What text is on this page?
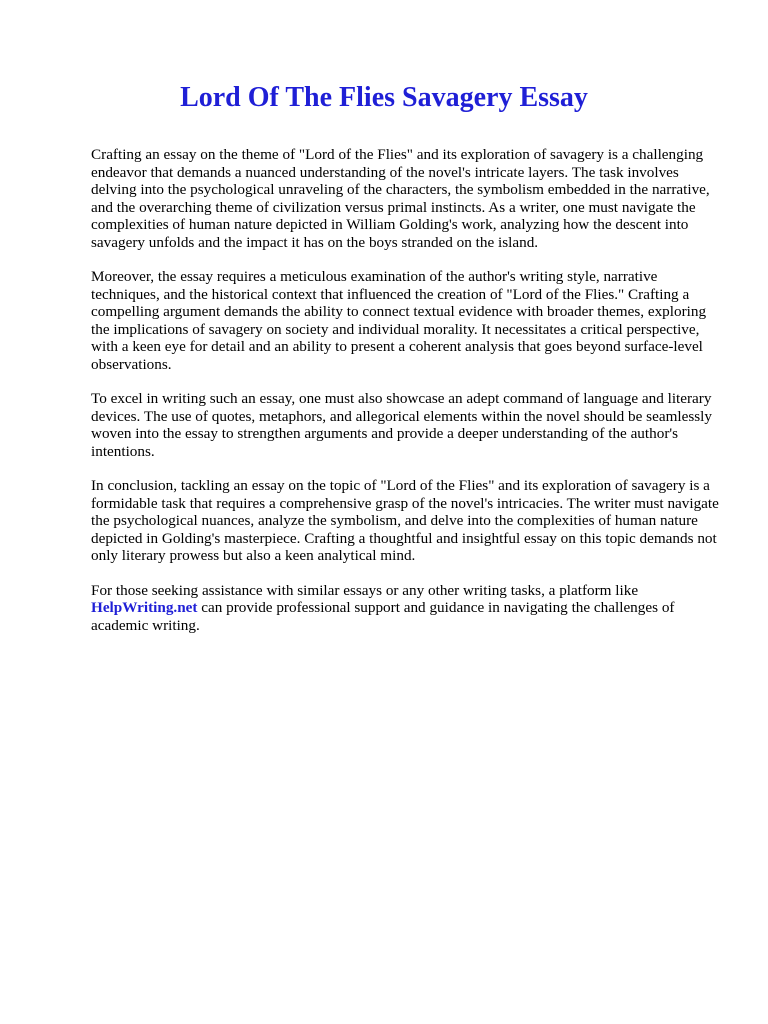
Lord Of The Flies Savagery Essay

Crafting an essay on the theme of "Lord of the Flies" and its exploration of savagery is a challenging endeavor that demands a nuanced understanding of the novel's intricate layers. The task involves delving into the psychological unraveling of the characters, the symbolism embedded in the narrative, and the overarching theme of civilization versus primal instincts. As a writer, one must navigate the complexities of human nature depicted in William Golding's work, analyzing how the descent into savagery unfolds and the impact it has on the boys stranded on the island.

Moreover, the essay requires a meticulous examination of the author's writing style, narrative techniques, and the historical context that influenced the creation of "Lord of the Flies." Crafting a compelling argument demands the ability to connect textual evidence with broader themes, exploring the implications of savagery on society and individual morality. It necessitates a critical perspective, with a keen eye for detail and an ability to present a coherent analysis that goes beyond surface-level observations.

To excel in writing such an essay, one must also showcase an adept command of language and literary devices. The use of quotes, metaphors, and allegorical elements within the novel should be seamlessly woven into the essay to strengthen arguments and provide a deeper understanding of the author's intentions.

In conclusion, tackling an essay on the topic of "Lord of the Flies" and its exploration of savagery is a formidable task that requires a comprehensive grasp of the novel's intricacies. The writer must navigate the psychological nuances, analyze the symbolism, and delve into the complexities of human nature depicted in Golding's masterpiece. Crafting a thoughtful and insightful essay on this topic demands not only literary prowess but also a keen analytical mind.

For those seeking assistance with similar essays or any other writing tasks, a platform like
HelpWriting.net can provide professional support and guidance in navigating the challenges of academic writing.
